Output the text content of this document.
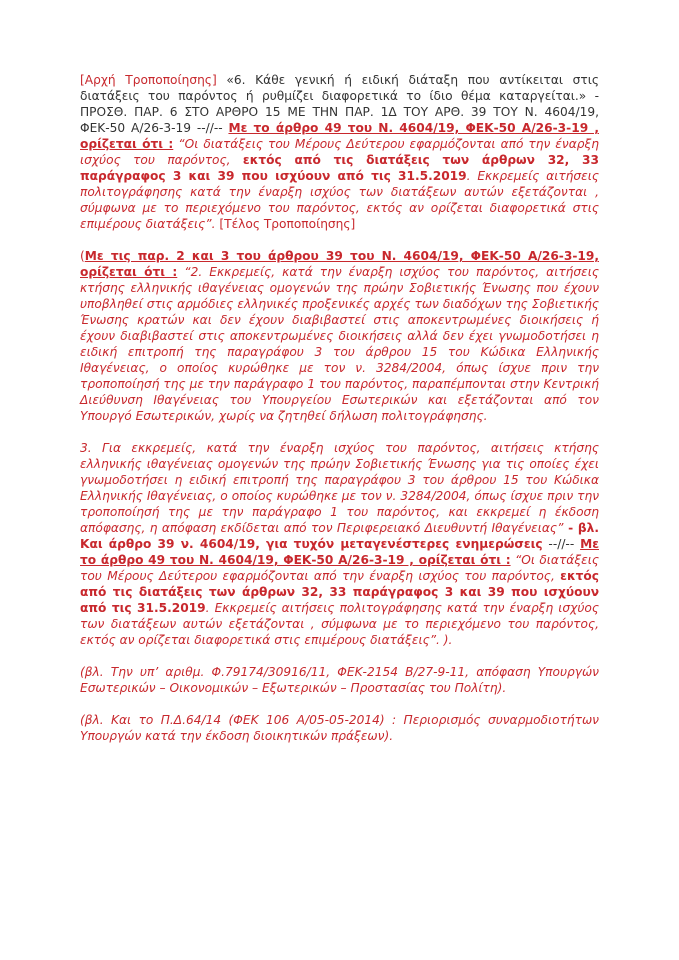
[Αρχή Τροποποίησης] «6. Κάθε γενική ή ειδική διάταξη που αντίκειται στις διατάξεις του παρόντος ή ρυθμίζει διαφορετικά το ίδιο θέμα καταργείται.» - ΠΡΟΣΘ. ΠΑΡ. 6 ΣΤΟ ΑΡΘΡΟ 15 ΜΕ ΤΗΝ ΠΑΡ. 1Δ ΤΟΥ ΑΡΘ. 39 ΤΟΥ Ν. 4604/19, ΦΕΚ-50 Α/26-3-19 --//-- Με το άρθρο 49 του Ν. 4604/19, ΦΕΚ-50 Α/26-3-19 , ορίζεται ότι : “Οι διατάξεις του Μέρους Δεύτερου εφαρμόζονται από την έναρξη ισχύος του παρόντος, εκτός από τις διατάξεις των άρθρων 32, 33 παράγραφος 3 και 39 που ισχύουν από τις 31.5.2019. Εκκρεμείς αιτήσεις πολιτογράφησης κατά την έναρξη ισχύος των διατάξεων αυτών εξετάζονται , σύμφωνα με το περιεχόμενο του παρόντος, εκτός αν ορίζεται διαφορετικά στις επιμέρους διατάξεις”. [Τέλος Τροποποίησης]

(Με τις παρ. 2 και 3 του άρθρου 39 του Ν. 4604/19, ΦΕΚ-50 Α/26-3-19, ορίζεται ότι : “2. Εκκρεμείς, κατά την έναρξη ισχύος του παρόντος, αιτήσεις κτήσης ελληνικής ιθαγένειας ομογενών της πρώην Σοβιετικής Ένωσης που έχουν υποβληθεί στις αρμόδιες ελληνικές προξενικές αρχές των διαδόχων της Σοβιετικής Ένωσης κρατών και δεν έχουν διαβιβαστεί στις αποκεντρωμένες διοικήσεις ή έχουν διαβιβαστεί στις αποκεντρωμένες διοικήσεις αλλά δεν έχει γνωμοδοτήσει η ειδική επιτροπή της παραγράφου 3 του άρθρου 15 του Κώδικα Ελληνικής Ιθαγένειας, ο οποίος κυρώθηκε με τον ν. 3284/2004, όπως ίσχυε πριν την τροποποίησή της με την παράγραφο 1 του παρόντος, παραπέμπονται στην Κεντρική Διεύθυνση Ιθαγένειας του Υπουργείου Εσωτερικών και εξετάζονται από τον Υπουργό Εσωτερικών, χωρίς να ζητηθεί δήλωση πολιτογράφησης.

3. Για εκκρεμείς, κατά την έναρξη ισχύος του παρόντος, αιτήσεις κτήσης ελληνικής ιθαγένειας ομογενών της πρώην Σοβιετικής Ένωσης για τις οποίες έχει γνωμοδοτήσει η ειδική επιτροπή της παραγράφου 3 του άρθρου 15 του Κώδικα Ελληνικής Ιθαγένειας, ο οποίος κυρώθηκε με τον ν. 3284/2004, όπως ίσχυε πριν την τροποποίησή της με την παράγραφο 1 του παρόντος, και εκκρεμεί η έκδοση απόφασης, η απόφαση εκδίδεται από τον Περιφερειακό Διευθυντή Ιθαγένειας” - βλ. Και άρθρο 39 ν. 4604/19, για τυχόν μεταγενέστερες ενημερώσεις --//-- Με το άρθρο 49 του Ν. 4604/19, ΦΕΚ-50 Α/26-3-19 , ορίζεται ότι : “Οι διατάξεις του Μέρους Δεύτερου εφαρμόζονται από την έναρξη ισχύος του παρόντος, εκτός από τις διατάξεις των άρθρων 32, 33 παράγραφος 3 και 39 που ισχύουν από τις 31.5.2019. Εκκρεμείς αιτήσεις πολιτογράφησης κατά την έναρξη ισχύος των διατάξεων αυτών εξετάζονται , σύμφωνα με το περιεχόμενο του παρόντος, εκτός αν ορίζεται διαφορετικά στις επιμέρους διατάξεις”. ).

(βλ. Την υπ’ αριθμ. Φ.79174/30916/11, ΦΕΚ-2154 Β/27-9-11, απόφαση Υπουργών Εσωτερικών – Οικονομικών – Εξωτερικών – Προστασίας του Πολίτη).

(βλ. Και το Π.Δ.64/14 (ΦΕΚ 106 Α/05-05-2014) : Περιορισμός συναρμοδιοτήτων Υπουργών κατά την έκδοση διοικητικών πράξεων).
